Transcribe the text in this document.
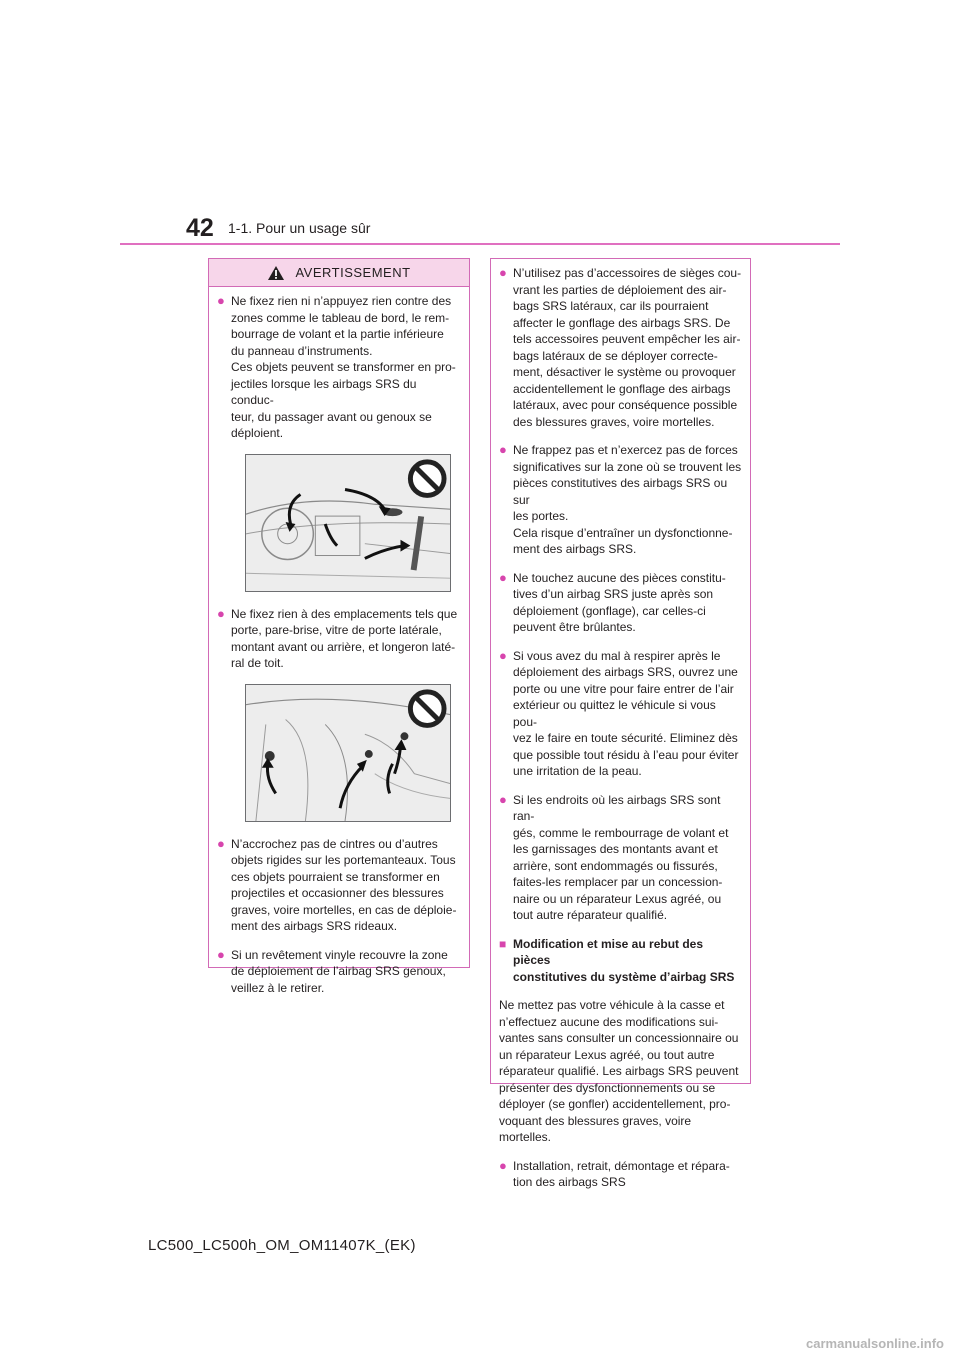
42 1-1. Pour un usage sûr
AVERTISSEMENT
● Ne fixez rien ni n’appuyez rien contre des
zones comme le tableau de bord, le rem-
bourrage de volant et la partie inférieure
du panneau d’instruments.
Ces objets peuvent se transformer en pro-
jectiles lorsque les airbags SRS du conduc-
teur, du passager avant ou genoux se
déploient.
● Ne fixez rien à des emplacements tels que
porte, pare-brise, vitre de porte latérale,
montant avant ou arrière, et longeron laté-
ral de toit.
● N’accrochez pas de cintres ou d’autres
objets rigides sur les portemanteaux. Tous
ces objets pourraient se transformer en
projectiles et occasionner des blessures
graves, voire mortelles, en cas de déploie-
ment des airbags SRS rideaux.
● Si un revêtement vinyle recouvre la zone
de déploiement de l’airbag SRS genoux,
veillez à le retirer.
● N’utilisez pas d’accessoires de sièges cou-
vrant les parties de déploiement des air-
bags SRS latéraux, car ils pourraient
affecter le gonflage des airbags SRS. De
tels accessoires peuvent empêcher les air-
bags latéraux de se déployer correcte-
ment, désactiver le système ou provoquer
accidentellement le gonflage des airbags
latéraux, avec pour conséquence possible
des blessures graves, voire mortelles.
● Ne frappez pas et n’exercez pas de forces
significatives sur la zone où se trouvent les
pièces constitutives des airbags SRS ou sur
les portes.
Cela risque d’entraîner un dysfonctionne-
ment des airbags SRS.
● Ne touchez aucune des pièces constitu-
tives d’un airbag SRS juste après son
déploiement (gonflage), car celles-ci
peuvent être brûlantes.
● Si vous avez du mal à respirer après le
déploiement des airbags SRS, ouvrez une
porte ou une vitre pour faire entrer de l’air
extérieur ou quittez le véhicule si vous pou-
vez le faire en toute sécurité. Eliminez dès
que possible tout résidu à l’eau pour éviter
une irritation de la peau.
● Si les endroits où les airbags SRS sont ran-
gés, comme le rembourrage de volant et
les garnissages des montants avant et
arrière, sont endommagés ou fissurés,
faites-les remplacer par un concession-
naire ou un réparateur Lexus agréé, ou
tout autre réparateur qualifié.
■ Modification et mise au rebut des pièces
constitutives du système d’airbag SRS
Ne mettez pas votre véhicule à la casse et
n’effectuez aucune des modifications sui-
vantes sans consulter un concessionnaire ou
un réparateur Lexus agréé, ou tout autre
réparateur qualifié. Les airbags SRS peuvent
présenter des dysfonctionnements ou se
déployer (se gonfler) accidentellement, pro-
voquant des blessures graves, voire mortelles.
● Installation, retrait, démontage et répara-
tion des airbags SRS
LC500_LC500h_OM_OM11407K_(EK)
carmanualsonline.info
